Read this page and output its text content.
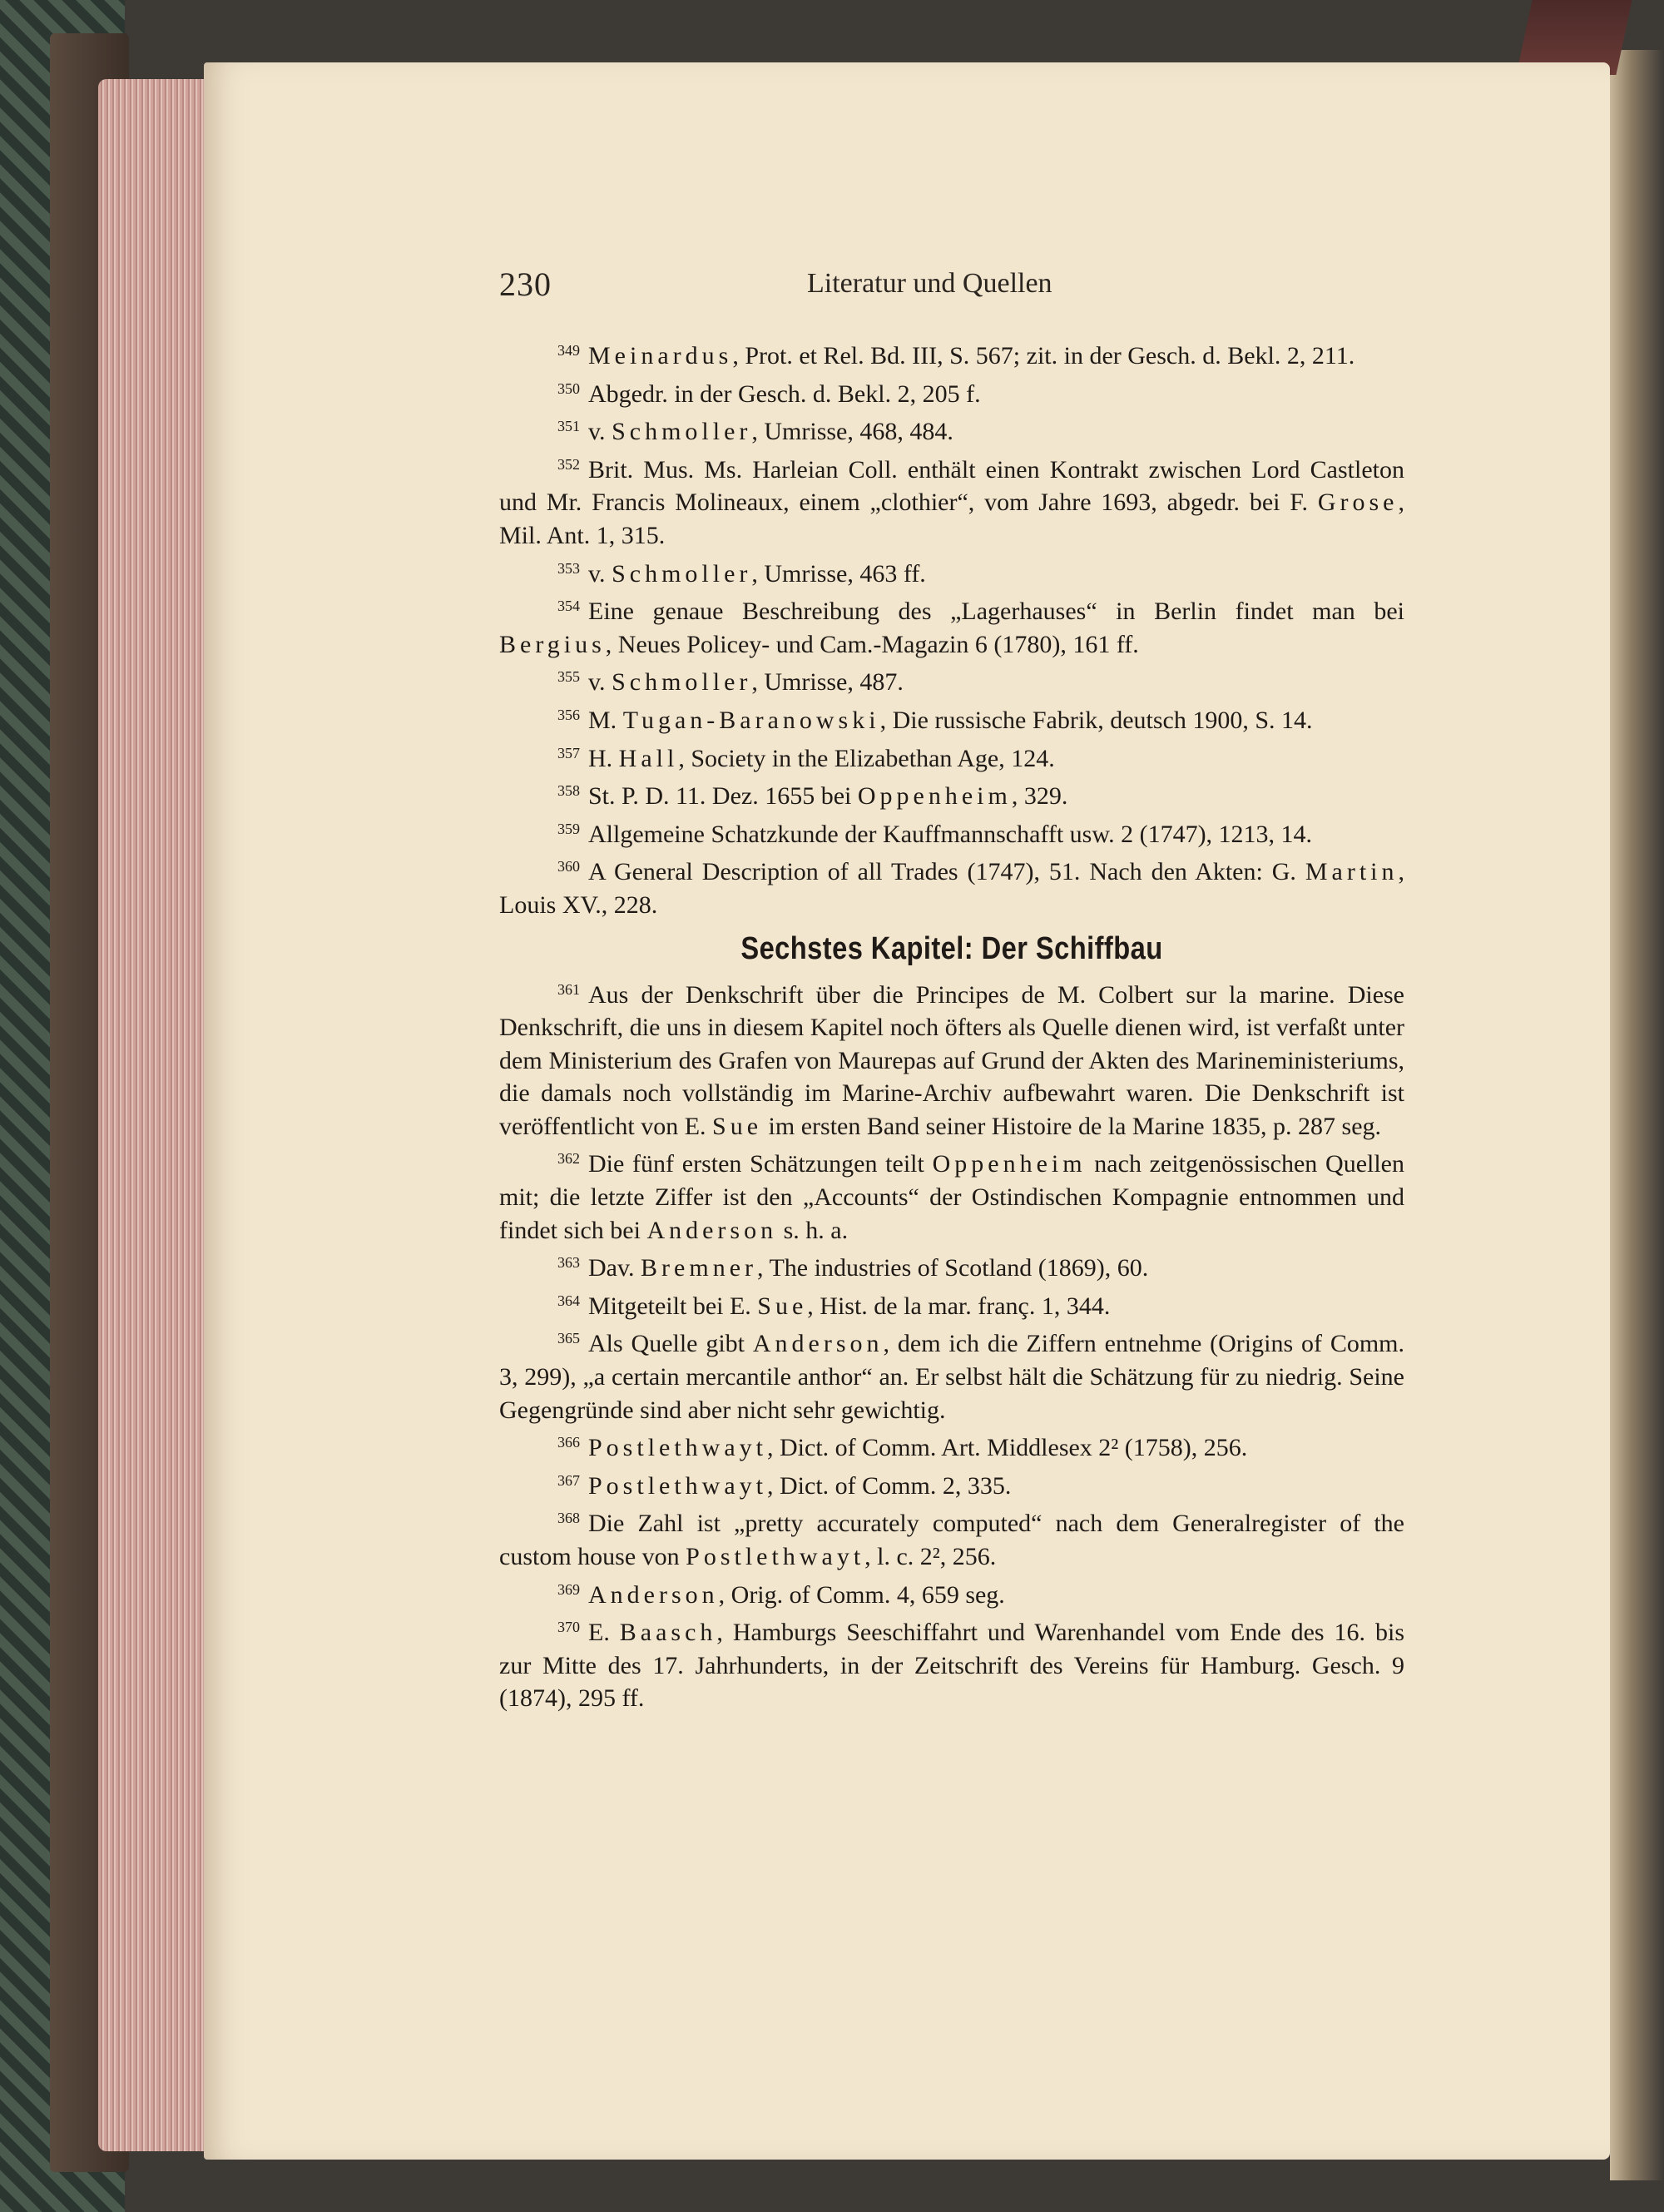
230	Literatur und Quellen

$^{349}$ Meinardus, Prot. et Rel. Bd. III, S. 567; zit. in der Gesch. d. Bekl. 2, 211.

$^{350}$ Abgedr. in der Gesch. d. Bekl. 2, 205 f.

$^{351}$ v. Schmoller, Umrisse, 468, 484.

$^{352}$ Brit. Mus. Ms. Harleian Coll. enthält einen Kontrakt zwischen Lord Castleton und Mr. Francis Molineaux, einem „clothier“, vom Jahre 1693, abgedr. bei F. Grose, Mil. Ant. 1, 315.

$^{353}$ v. Schmoller, Umrisse, 463 ff.

$^{354}$ Eine genaue Beschreibung des „Lagerhauses“ in Berlin findet man bei Bergius, Neues Policey- und Cam.-Magazin 6 (1780), 161 ff.

$^{355}$ v. Schmoller, Umrisse, 487.

$^{356}$ M. Tugan-Baranowski, Die russische Fabrik, deutsch 1900, S. 14.

$^{357}$ H. Hall, Society in the Elizabethan Age, 124.

$^{358}$ St. P. D. 11. Dez. 1655 bei Oppenheim, 329.

$^{359}$ Allgemeine Schatzkunde der Kauffmannschafft usw. 2 (1747), 1213, 14.

$^{360}$ A General Description of all Trades (1747), 51. Nach den Akten: G. Martin, Louis XV., 228.

Sechstes Kapitel: Der Schiffbau

$^{361}$ Aus der Denkschrift über die Principes de M. Colbert sur la marine. Diese Denkschrift, die uns in diesem Kapitel noch öfters als Quelle dienen wird, ist verfaßt unter dem Ministerium des Grafen von Maurepas auf Grund der Akten des Marineministeriums, die damals noch vollständig im Marine-Archiv aufbewahrt waren. Die Denkschrift ist veröffentlicht von E. Sue im ersten Band seiner Histoire de la Marine 1835, p. 287 seg.

$^{362}$ Die fünf ersten Schätzungen teilt Oppenheim nach zeitgenössischen Quellen mit; die letzte Ziffer ist den „Accounts“ der Ostindischen Kompagnie entnommen und findet sich bei Anderson s. h. a.

$^{363}$ Dav. Bremner, The industries of Scotland (1869), 60.

$^{364}$ Mitgeteilt bei E. Sue, Hist. de la mar. franç. 1, 344.

$^{365}$ Als Quelle gibt Anderson, dem ich die Ziffern entnehme (Origins of Comm. 3, 299), „a certain mercantile anthor“ an. Er selbst hält die Schätzung für zu niedrig. Seine Gegengründe sind aber nicht sehr gewichtig.

$^{366}$ Postlethwayt, Dict. of Comm. Art. Middlesex 2² (1758), 256.

$^{367}$ Postlethwayt, Dict. of Comm. 2, 335.

$^{368}$ Die Zahl ist „pretty accurately computed“ nach dem Generalregister of the custom house von Postlethwayt, l. c. 2², 256.

$^{369}$ Anderson, Orig. of Comm. 4, 659 seg.

$^{370}$ E. Baasch, Hamburgs Seeschiffahrt und Warenhandel vom Ende des 16. bis zur Mitte des 17. Jahrhunderts, in der Zeitschrift des Vereins für Hamburg. Gesch. 9 (1874), 295 ff.
